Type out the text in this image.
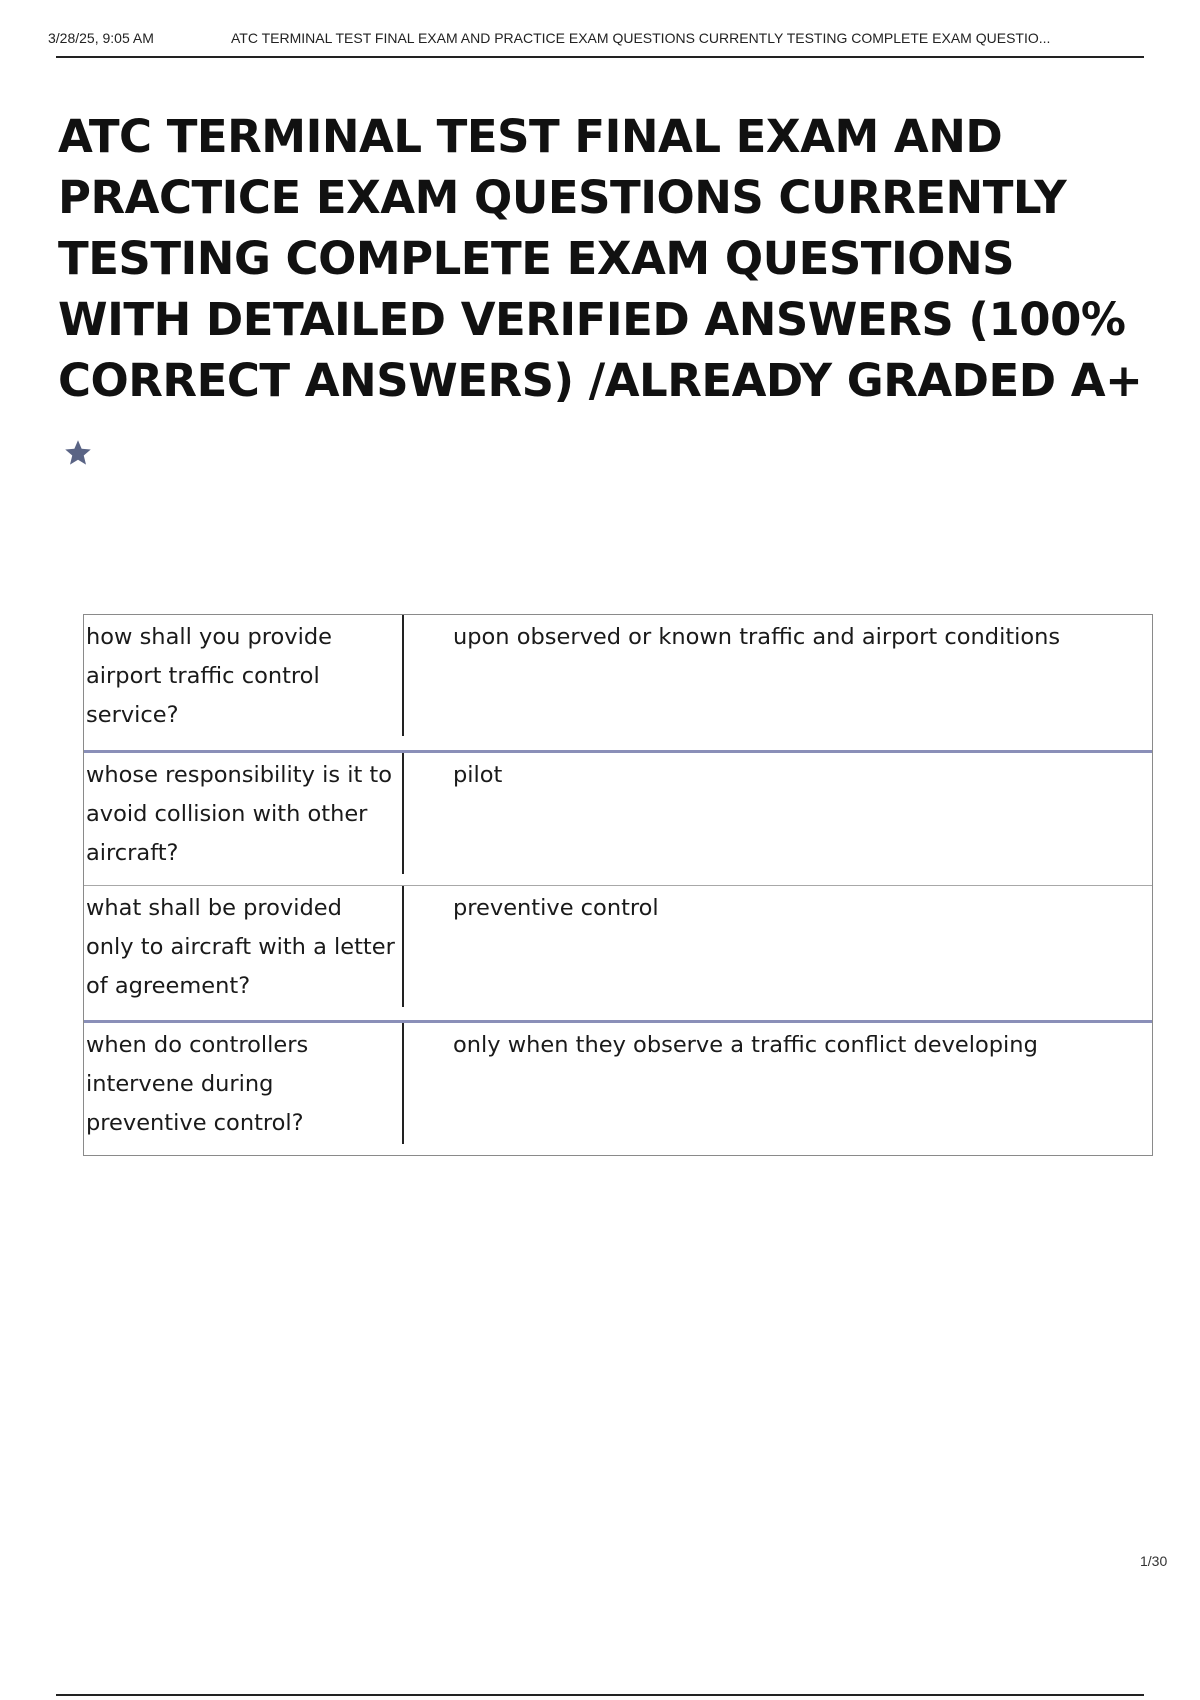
3/28/25, 9:05 AM	ATC TERMINAL TEST FINAL EXAM AND PRACTICE EXAM QUESTIONS CURRENTLY TESTING COMPLETE EXAM QUESTIO...
ATC TERMINAL TEST FINAL EXAM AND PRACTICE EXAM QUESTIONS CURRENTLY TESTING COMPLETE EXAM QUESTIONS WITH DETAILED VERIFIED ANSWERS (100% CORRECT ANSWERS) /ALREADY GRADED A+
how shall you provide airport traffic control service?
upon observed or known traffic and airport conditions
whose responsibility is it to avoid collision with other aircraft?
pilot
what shall be provided only to aircraft with a letter of agreement?
preventive control
when do controllers intervene during preventive control?
only when they observe a traffic conflict developing
1/30
